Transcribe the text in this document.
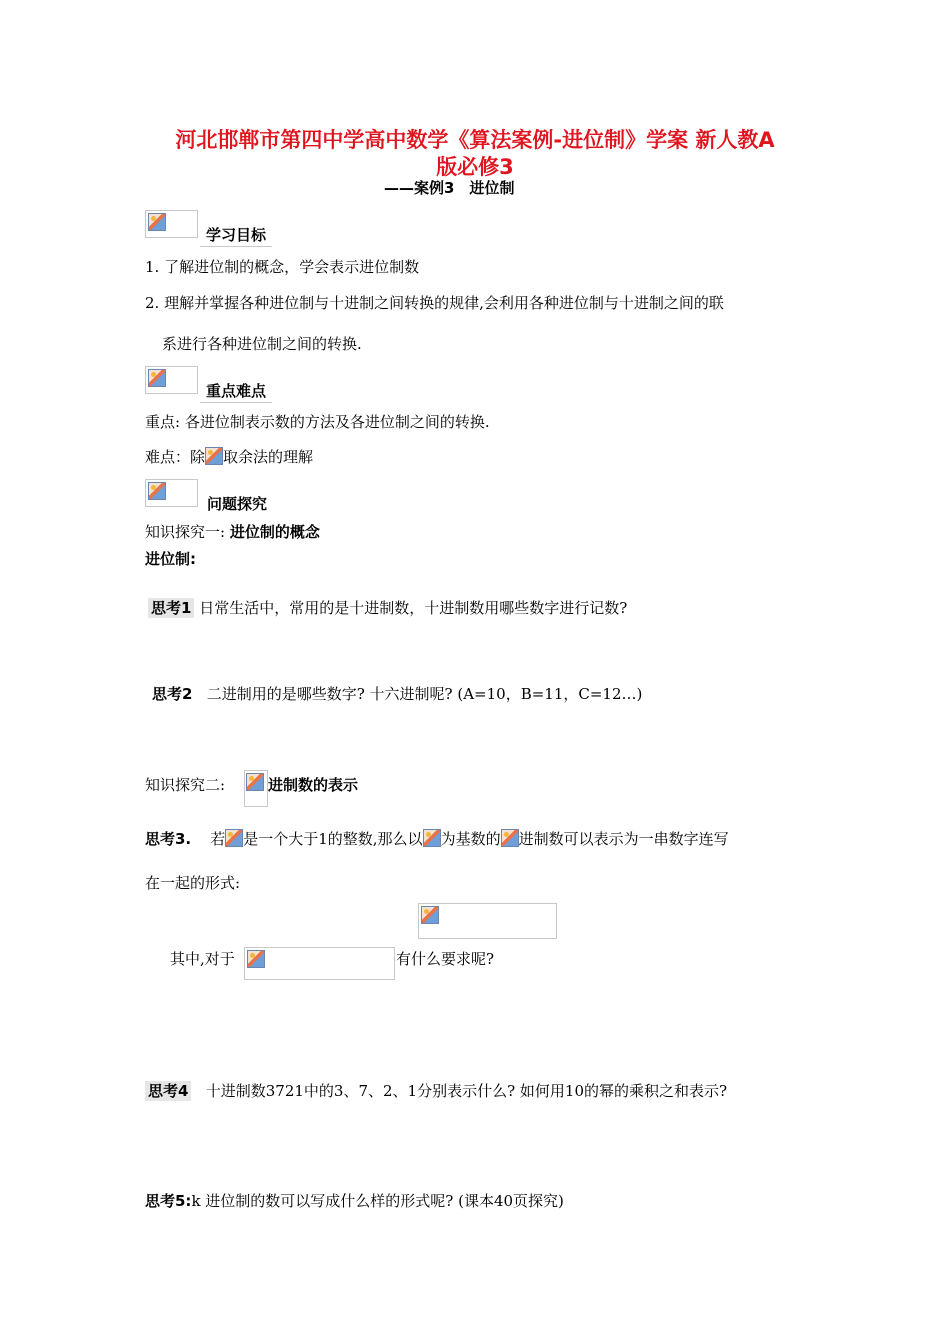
河北邯郸市第四中学高中数学《算法案例-进位制》学案 新人教A
版必修3
——案例3　进位制
学习目标
1. 了解进位制的概念，学会表示进位制数
2. 理解并掌握各种进位制与十进制之间转换的规律,会利用各种进位制与十进制之间的联
系进行各种进位制之间的转换.
重点难点
重点: 各进位制表示数的方法及各进位制之间的转换.
难点：除 取余法的理解
问题探究
知识探究一: 进位制的概念
进位制:
思考1 日常生活中，常用的是十进制数，十进制数用哪些数字进行记数?
思考2 二进制用的是哪些数字? 十六进制呢? (A=10，B=11，C=12…)
知识探究二:	进制数的表示
思考3. 若 是一个大于1的整数,那么以 为基数的 进制数可以表示为一串数字连写
在一起的形式:
其中,对于	有什么要求呢?
思考4 十进制数3721中的3、7、2、1分别表示什么? 如何用10的幂的乘积之和表示?
思考5:k 进位制的数可以写成什么样的形式呢? (课本40页探究)
